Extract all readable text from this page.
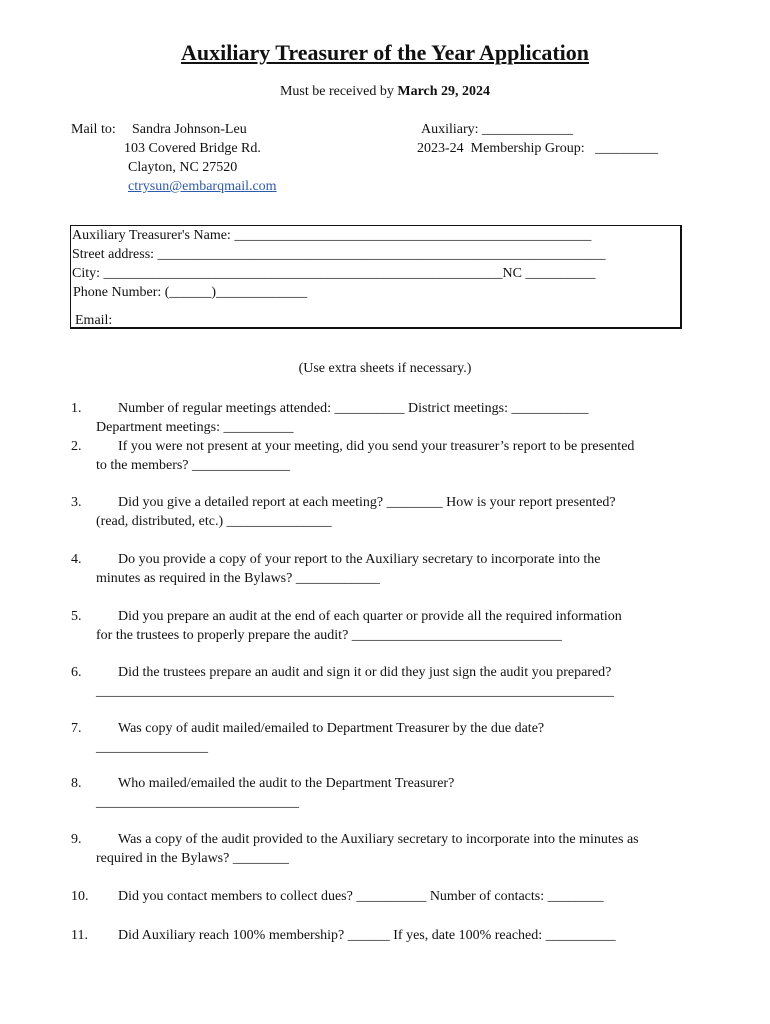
Auxiliary Treasurer of the Year Application
Must be received by March 29, 2024
Mail to: Sandra Johnson-Leu
103 Covered Bridge Rd.
Clayton, NC 27520
ctrysun@embarqmail.com
Auxiliary: _____________
2023-24  Membership Group:   _________
Auxiliary Treasurer's Name: ___________________________________________________
Street address: ________________________________________________________________
City: _________________________________________________________NC __________
Phone Number: (______)_____________
Email:
(Use extra sheets if necessary.)
1.	Number of regular meetings attended: __________ District meetings: ___________
Department meetings: __________
2.	If you were not present at your meeting, did you send your treasurer’s report to be presented
to the members? ______________
3.	Did you give a detailed report at each meeting? ________ How is your report presented?
(read, distributed, etc.) _______________
4.	Do you provide a copy of your report to the Auxiliary secretary to incorporate into the
minutes as required in the Bylaws? ____________
5.	Did you prepare an audit at the end of each quarter or provide all the required information
for the trustees to properly prepare the audit? ______________________________
6.	Did the trustees prepare an audit and sign it or did they just sign the audit you prepared?
__________________________________________________________________________
7.	Was copy of audit mailed/emailed to Department Treasurer by the due date?
________________
8.	Who mailed/emailed the audit to the Department Treasurer?
_____________________________
9.	Was a copy of the audit provided to the Auxiliary secretary to incorporate into the minutes as
required in the Bylaws? ________
10. Did you contact members to collect dues? __________ Number of contacts: ________
11. Did Auxiliary reach 100% membership? ______ If yes, date 100% reached: __________
